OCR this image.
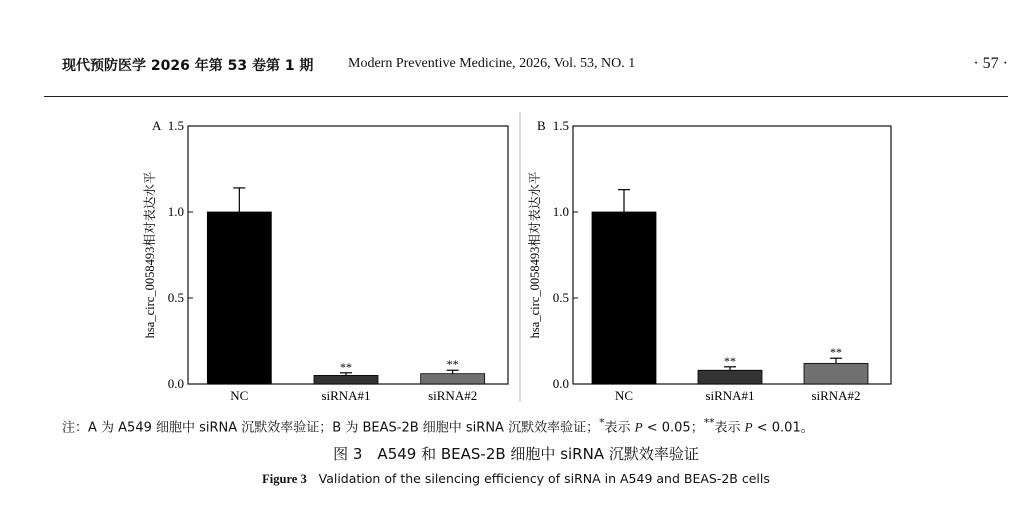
现代预防医学 2026 年第 53 卷第 1 期 Modern Preventive Medicine, 2026, Vol. 53, NO. 1	· 57 ·
A
0.0
0.5
1.0
1.5
hsa_circ_0058493相对表达水平
NC
**
siRNA#1
**
siRNA#2
B
0.0
0.5
1.0
1.5
hsa_circ_0058493相对表达水平
NC
**
siRNA#1
**
siRNA#2
注：A 为 A549 细胞中 siRNA 沉默效率验证；B 为 BEAS-2B 细胞中 siRNA 沉默效率验证；*表示 P < 0.05；**表示 P < 0.01。
图 3　A549 和 BEAS-2B 细胞中 siRNA 沉默效率验证
Figure 3 Validation of the silencing efficiency of siRNA in A549 and BEAS-2B cells
